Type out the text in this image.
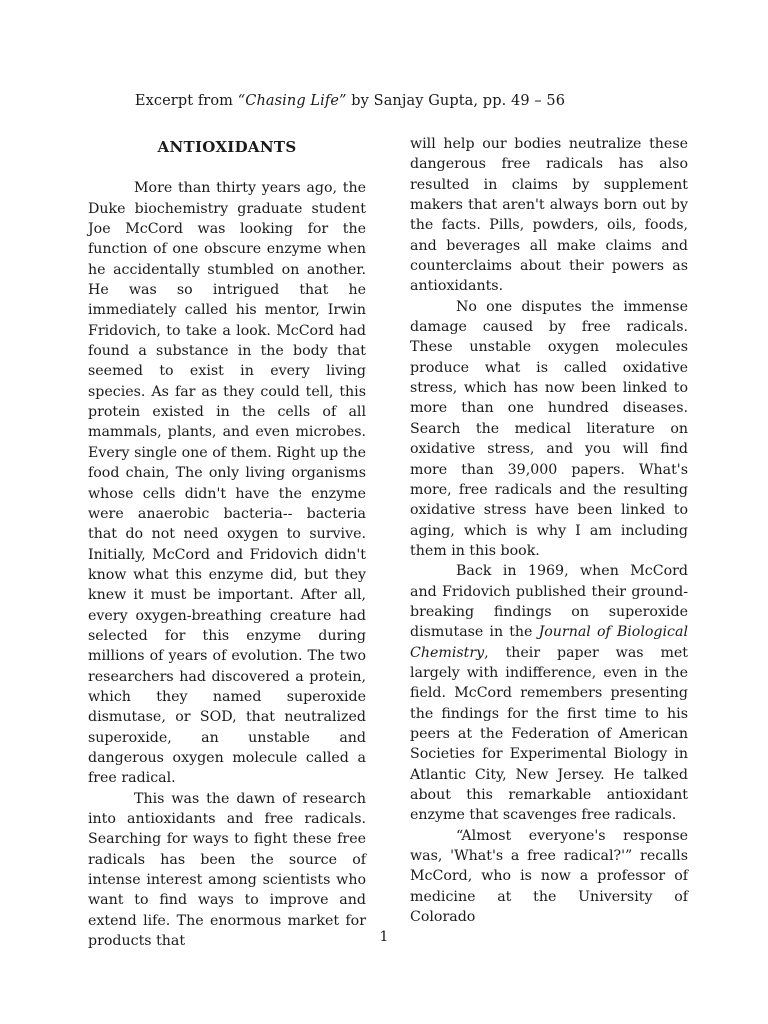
Excerpt from “Chasing Life” by Sanjay Gupta, pp. 49 – 56
ANTIOXIDANTS

More than thirty years ago, the Duke biochemistry graduate student Joe McCord was looking for the function of one obscure enzyme when he accidentally stumbled on another. He was so intrigued that he immediately called his mentor, Irwin Fridovich, to take a look. McCord had found a substance in the body that seemed to exist in every living species. As far as they could tell, this protein existed in the cells of all mammals, plants, and even microbes. Every single one of them. Right up the food chain, The only living organisms whose cells didn't have the enzyme were anaerobic bacteria-- bacteria that do not need oxygen to survive. Initially, McCord and Fridovich didn't know what this enzyme did, but they knew it must be important. After all, every oxygen-breathing creature had selected for this enzyme during millions of years of evolution. The two researchers had discovered a protein, which they named superoxide dismutase, or SOD, that neutralized superoxide, an unstable and dangerous oxygen molecule called a free radical.

This was the dawn of research into antioxidants and free radicals. Searching for ways to fight these free radicals has been the source of intense interest among scientists who want to find ways to improve and extend life. The enormous market for products that

will help our bodies neutralize these dangerous free radicals has also resulted in claims by supplement makers that aren't always born out by the facts. Pills, powders, oils, foods, and beverages all make claims and counterclaims about their powers as antioxidants.

No one disputes the immense damage caused by free radicals. These unstable oxygen molecules produce what is called oxidative stress, which has now been linked to more than one hundred diseases. Search the medical literature on oxidative stress, and you will find more than 39,000 papers. What's more, free radicals and the resulting oxidative stress have been linked to aging, which is why I am including them in this book.

Back in 1969, when McCord and Fridovich published their ground-breaking findings on superoxide dismutase in the Journal of Biological Chemistry, their paper was met largely with indifference, even in the field. McCord remembers presenting the findings for the first time to his peers at the Federation of American Societies for Experimental Biology in Atlantic City, New Jersey. He talked about this remarkable antioxidant enzyme that scavenges free radicals.

“Almost everyone's response was, 'What's a free radical?'” recalls McCord, who is now a professor of medicine at the University of Colorado

1
